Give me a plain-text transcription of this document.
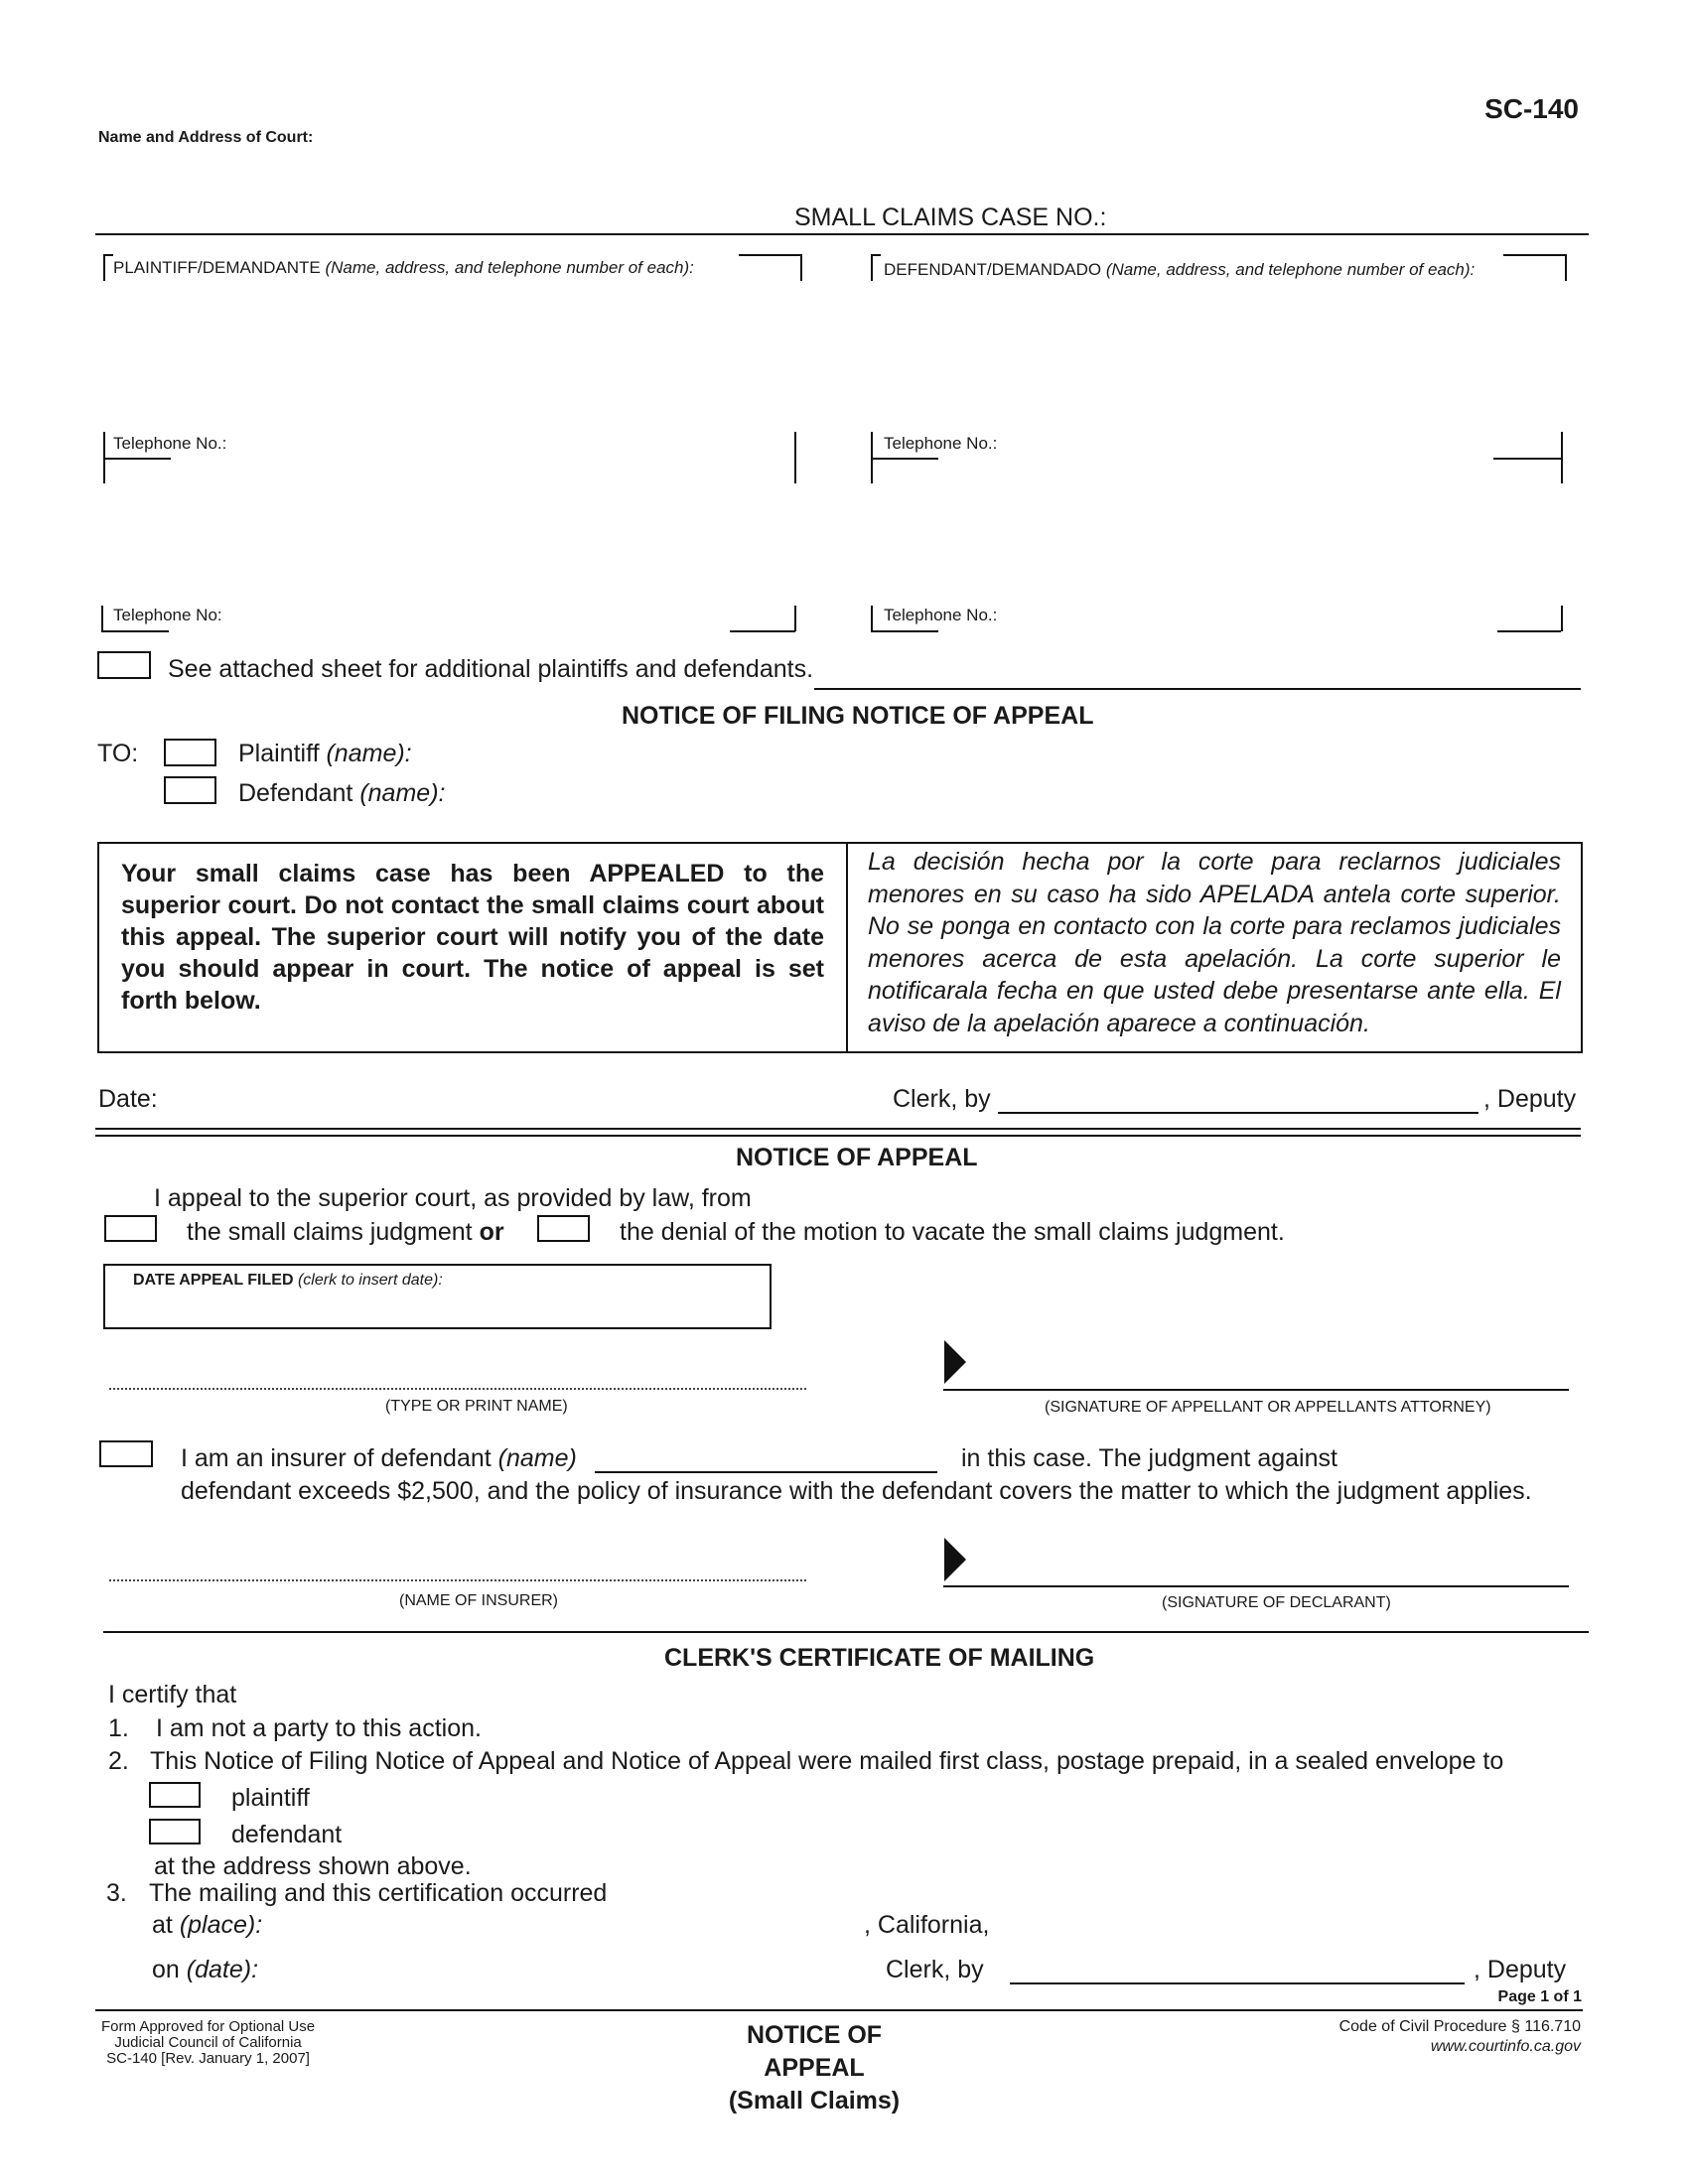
SC-140
Name and Address of Court:
SMALL CLAIMS CASE NO.:
PLAINTIFF/DEMANDANTE (Name, address, and telephone number of each):	DEFENDANT/DEMANDADO (Name, address, and telephone number of each):
Telephone No.:	Telephone No.:
Telephone No:	Telephone No.:
See attached sheet for additional plaintiffs and defendants.
NOTICE OF FILING NOTICE OF APPEAL
TO:	Plaintiff (name):
Defendant (name):
Your small claims case has been APPEALED to the superior court. Do not contact the small claims court about this appeal. The superior court will notify you of the date you should appear in court. The notice of appeal is set forth below.
La decisión hecha por la corte para reclarnos judiciales menores en su caso ha sido APELADA antela corte superior. No se ponga en contacto con la corte para reclamos judiciales menores acerca de esta apelación. La corte superior le notificarala fecha en que usted debe presentarse ante ella. El aviso de la apelación aparece a continuación.
Date:	Clerk, by	, Deputy
NOTICE OF APPEAL
I appeal to the superior court, as provided by law, from
the small claims judgment or	the denial of the motion to vacate the small claims judgment.
DATE APPEAL FILED (clerk to insert date):
(TYPE OR PRINT NAME)	(SIGNATURE OF APPELLANT OR APPELLANTS ATTORNEY)
I am an insurer of defendant (name)	in this case. The judgment against
defendant exceeds $2,500, and the policy of insurance with the defendant covers the matter to which the judgment applies.
(NAME OF INSURER)	(SIGNATURE OF DECLARANT)
CLERK'S CERTIFICATE OF MAILING
I certify that
1. I am not a party to this action.
2. This Notice of Filing Notice of Appeal and Notice of Appeal were mailed first class, postage prepaid, in a sealed envelope to
plaintiff
defendant
at the address shown above.
3. The mailing and this certification occurred
at (place):	, California,
on (date):	Clerk, by	, Deputy
Page 1 of 1
Form Approved for Optional Use
Judicial Council of California
SC-140 [Rev. January 1, 2007]
NOTICE OF APPEAL
(Small Claims)
Code of Civil Procedure § 116.710
www.courtinfo.ca.gov
